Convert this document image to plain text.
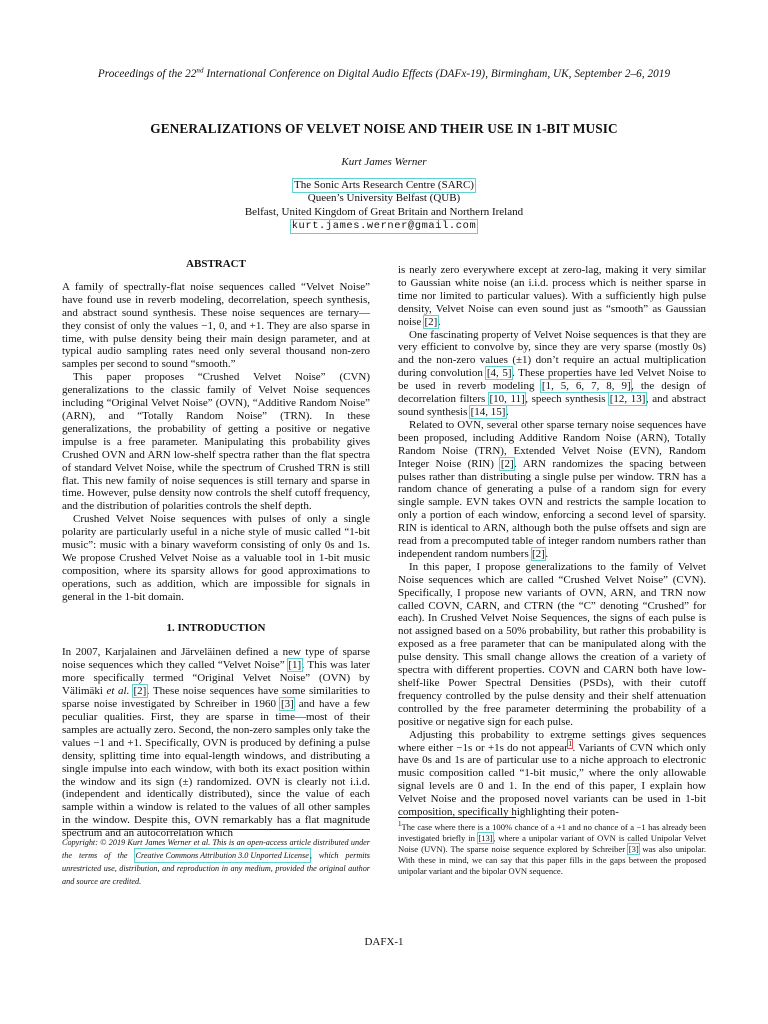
Proceedings of the 22nd International Conference on Digital Audio Effects (DAFx-19), Birmingham, UK, September 2–6, 2019
GENERALIZATIONS OF VELVET NOISE AND THEIR USE IN 1-BIT MUSIC
Kurt James Werner
The Sonic Arts Research Centre (SARC)
Queen’s University Belfast (QUB)
Belfast, United Kingdom of Great Britain and Northern Ireland
kurt.james.werner@gmail.com
ABSTRACT

A family of spectrally-flat noise sequences called “Velvet Noise” have found use in reverb modeling, decorrelation, speech synthesis, and abstract sound synthesis. These noise sequences are ternary—they consist of only the values −1, 0, and +1. They are also sparse in time, with pulse density being their main design parameter, and at typical audio sampling rates need only several thousand non-zero samples per second to sound “smooth.”

This paper proposes “Crushed Velvet Noise” (CVN) generalizations to the classic family of Velvet Noise sequences including “Original Velvet Noise” (OVN), “Additive Random Noise” (ARN), and “Totally Random Noise” (TRN). In these generalizations, the probability of getting a positive or negative impulse is a free parameter. Manipulating this probability gives Crushed OVN and ARN low-shelf spectra rather than the flat spectra of standard Velvet Noise, while the spectrum of Crushed TRN is still flat. This new family of noise sequences is still ternary and sparse in time. However, pulse density now controls the shelf cutoff frequency, and the distribution of polarities controls the shelf depth.

Crushed Velvet Noise sequences with pulses of only a single polarity are particularly useful in a niche style of music called “1-bit music”: music with a binary waveform consisting of only 0s and 1s. We propose Crushed Velvet Noise as a valuable tool in 1-bit music composition, where its sparsity allows for good approximations to operations, such as addition, which are impossible for signals in general in the 1-bit domain.

1. INTRODUCTION

In 2007, Karjalainen and Järveläinen defined a new type of sparse noise sequences which they called “Velvet Noise” [1]. This was later more specifically termed “Original Velvet Noise” (OVN) by Välimäki et al. [2]. These noise sequences have some similarities to sparse noise investigated by Schreiber in 1960 [3] and have a few peculiar qualities. First, they are sparse in time—most of their samples are actually zero. Second, the non-zero samples only take the values −1 and +1. Specifically, OVN is produced by defining a pulse density, splitting time into equal-length windows, and distributing a single impulse into each window, with both its exact position within the window and its sign (±) randomized. OVN is clearly not i.i.d. (independent and identically distributed), since the value of each sample within a window is related to the values of all other samples in the window. Despite this, OVN remarkably has a flat magnitude spectrum and an autocorrelation which

Copyright: © 2019 Kurt James Werner et al. This is an open-access article distributed under the terms of the Creative Commons Attribution 3.0 Unported License, which permits unrestricted use, distribution, and reproduction in any medium, provided the original author and source are credited.

is nearly zero everywhere except at zero-lag, making it very similar to Gaussian white noise (an i.i.d. process which is neither sparse in time nor limited to particular values). With a sufficiently high pulse density, Velvet Noise can even sound just as “smooth” as Gaussian noise [2].

One fascinating property of Velvet Noise sequences is that they are very efficient to convolve by, since they are very sparse (mostly 0s) and the non-zero values (±1) don’t require an actual multiplication during convolution [4, 5]. These properties have led Velvet Noise to be used in reverb modeling [1, 5, 6, 7, 8, 9], the design of decorrelation filters [10, 11], speech synthesis [12, 13], and abstract sound synthesis [14, 15].

Related to OVN, several other sparse ternary noise sequences have been proposed, including Additive Random Noise (ARN), Totally Random Noise (TRN), Extended Velvet Noise (EVN), Random Integer Noise (RIN) [2]. ARN randomizes the spacing between pulses rather than distributing a single pulse per window. TRN has a random chance of generating a pulse of a random sign for every single sample. EVN takes OVN and restricts the sample location to only a portion of each window, enforcing a second level of sparsity. RIN is identical to ARN, although both the pulse offsets and sign are read from a precomputed table of integer random numbers rather than independent random numbers [2].

In this paper, I propose generalizations to the family of Velvet Noise sequences which are called “Crushed Velvet Noise” (CVN). Specifically, I propose new variants of OVN, ARN, and TRN now called COVN, CARN, and CTRN (the “C” denoting “Crushed” for each). In Crushed Velvet Noise Sequences, the signs of each pulse is not assigned based on a 50% probability, but rather this probability is exposed as a free parameter that can be manipulated along with the pulse density. This small change allows the creation of a variety of spectra with different properties. COVN and CARN both have low-shelf-like Power Spectral Densities (PSDs), with their cutoff frequency controlled by the pulse density and their shelf attenuation controlled by the free parameter determining the probability of a positive or negative sign for each pulse.

Adjusting this probability to extreme settings gives sequences where either −1s or +1s do not appear$^1$. Variants of CVN which only have 0s and 1s are of particular use to a niche approach to electronic music composition called “1-bit music,” where the only allowable signal levels are 0 and 1. In the end of this paper, I explain how Velvet Noise and the proposed novel variants can be used in 1-bit composition, specifically highlighting their poten-

$^1$The case where there is a 100% chance of a +1 and no chance of a −1 has already been investigated briefly in [13], where a unipolar variant of OVN is called Unipolar Velvet Noise (UVN). The sparse noise sequence explored by Schreiber [3] was also unipolar. With these in mind, we can say that this paper fills in the gaps between the proposed unipolar variant and the bipolar OVN sequence.
DAFX-1
